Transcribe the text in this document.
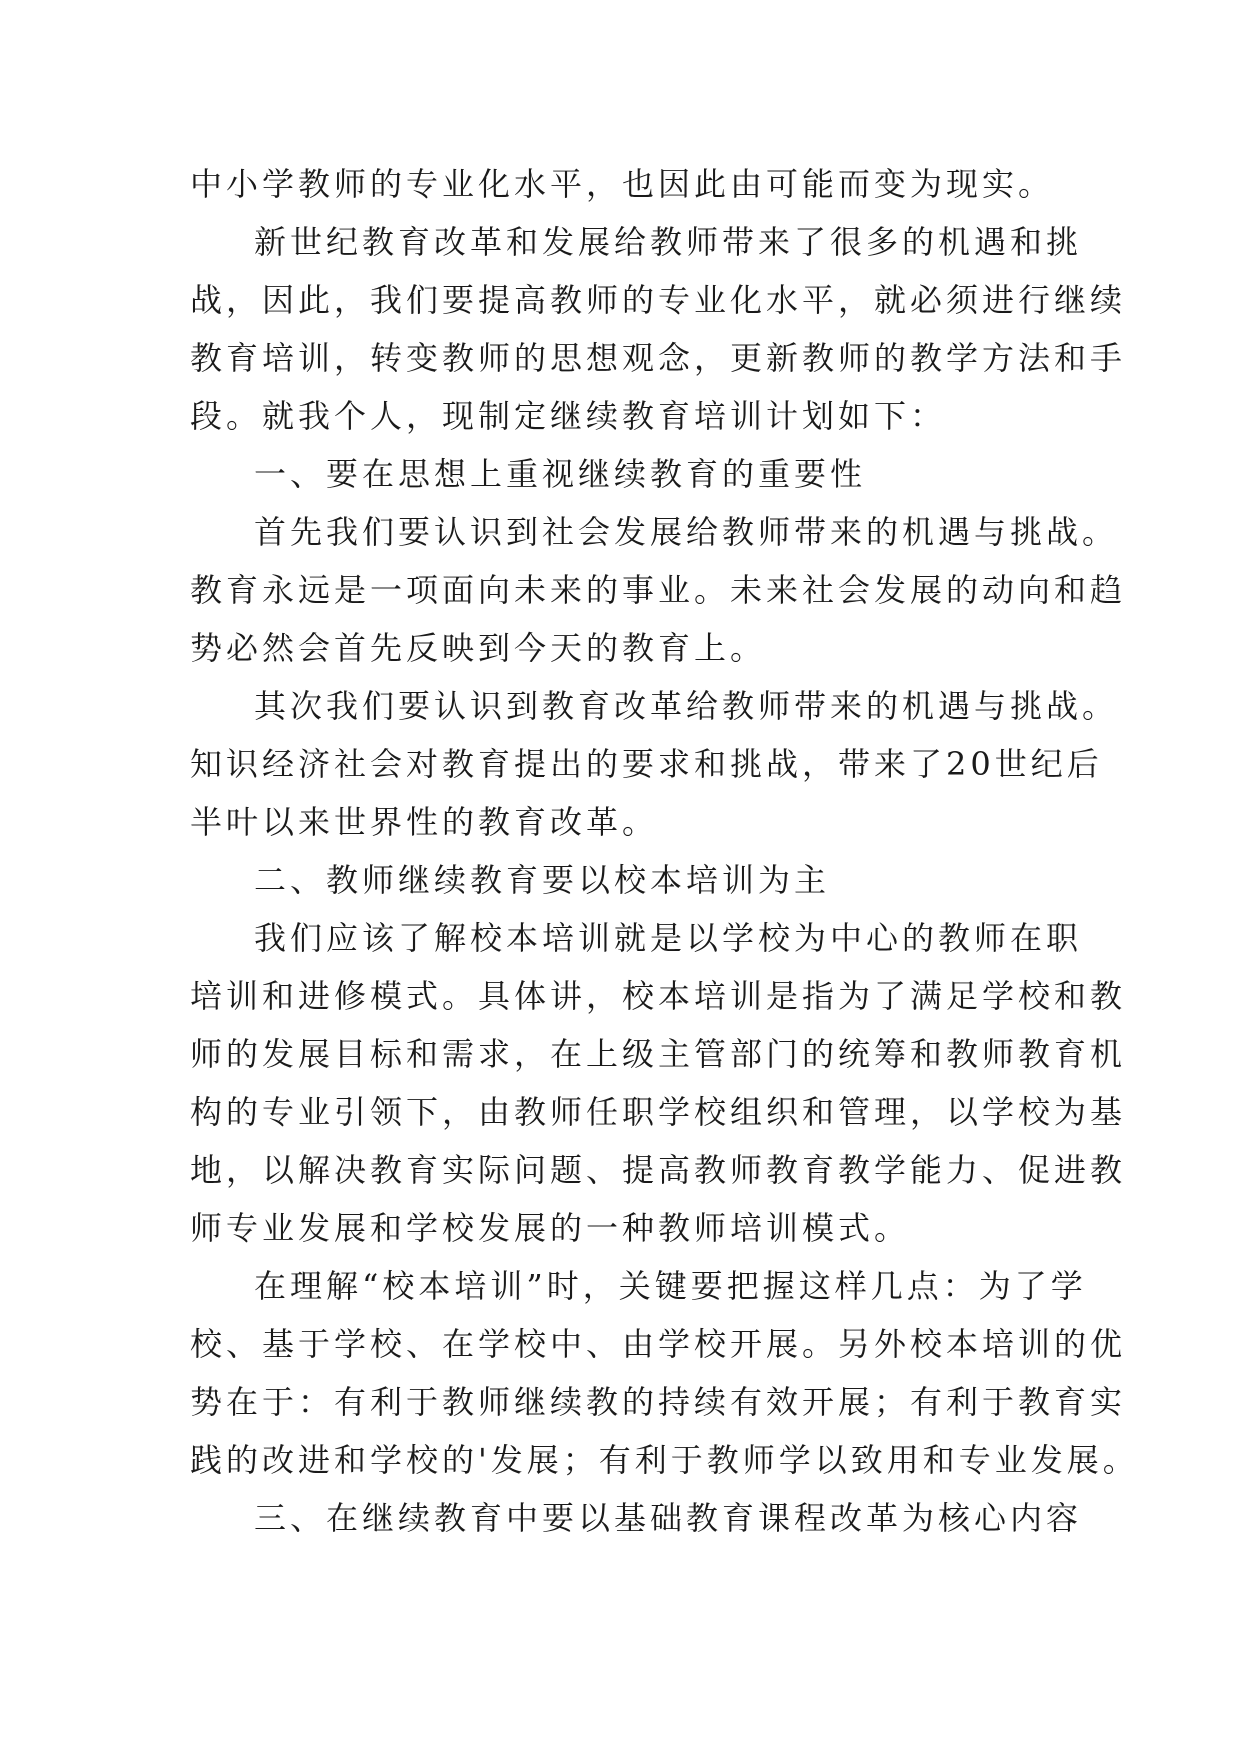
中小学教师的专业化水平，也因此由可能而变为现实。
新世纪教育改革和发展给教师带来了很多的机遇和挑
战，因此，我们要提高教师的专业化水平，就必须进行继续
教育培训，转变教师的思想观念，更新教师的教学方法和手
段。就我个人，现制定继续教育培训计划如下：
一、要在思想上重视继续教育的重要性
首先我们要认识到社会发展给教师带来的机遇与挑战。
教育永远是一项面向未来的事业。未来社会发展的动向和趋
势必然会首先反映到今天的教育上。
其次我们要认识到教育改革给教师带来的机遇与挑战。
知识经济社会对教育提出的要求和挑战，带来了20世纪后
半叶以来世界性的教育改革。
二、教师继续教育要以校本培训为主
我们应该了解校本培训就是以学校为中心的教师在职
培训和进修模式。具体讲，校本培训是指为了满足学校和教
师的发展目标和需求，在上级主管部门的统筹和教师教育机
构的专业引领下，由教师任职学校组织和管理，以学校为基
地，以解决教育实际问题、提高教师教育教学能力、促进教
师专业发展和学校发展的一种教师培训模式。
在理解“校本培训”时，关键要把握这样几点：为了学
校、基于学校、在学校中、由学校开展。另外校本培训的优
势在于：有利于教师继续教的持续有效开展；有利于教育实
践的改进和学校的'发展；有利于教师学以致用和专业发展。
三、在继续教育中要以基础教育课程改革为核心内容
